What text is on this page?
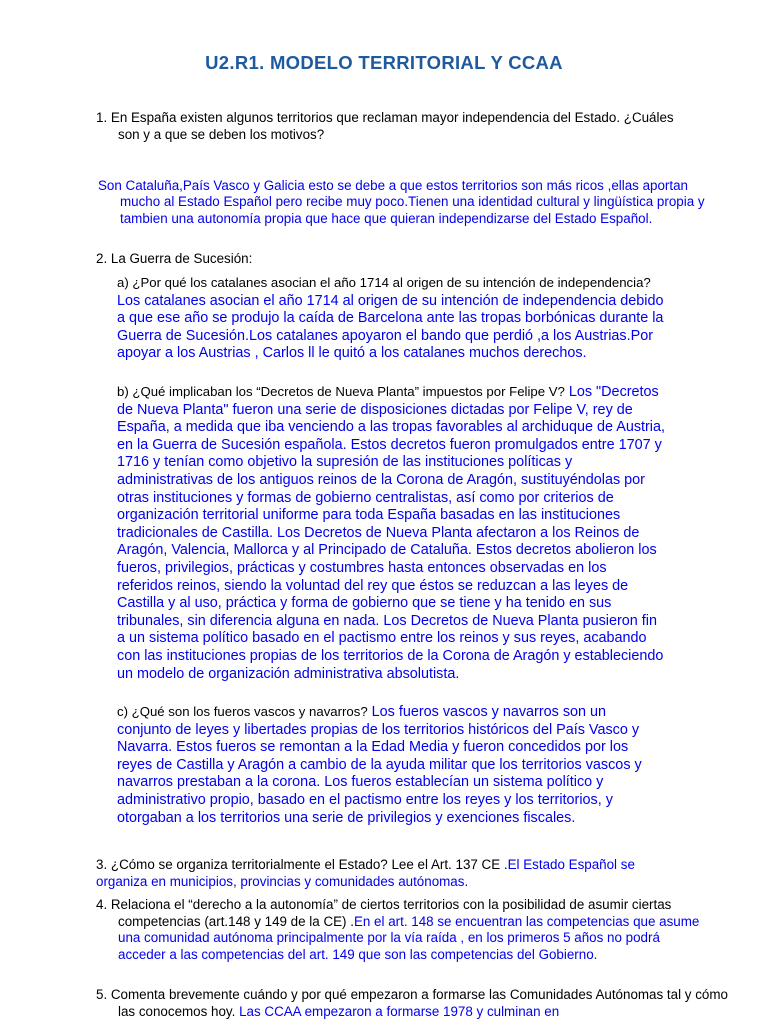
U2.R1. MODELO TERRITORIAL Y CCAA
1. En España existen algunos territorios que reclaman mayor independencia del Estado. ¿Cuáles son y a que se deben los motivos?
Son Cataluña,País Vasco y Galicia esto se debe a que estos territorios son más ricos ,ellas aportan mucho al Estado Español pero recibe muy poco.Tienen una identidad cultural y lingüística propia y tambien una autonomía propia que hace que quieran independizarse del Estado Español.
2. La Guerra de Sucesión:
a) ¿Por qué los catalanes asocian el año 1714 al origen de su intención de independencia? Los catalanes asocian el año 1714 al origen de su intención de independencia debido a que ese año se produjo la caída de Barcelona ante las tropas borbónicas durante la Guerra de Sucesión.Los catalanes apoyaron el bando que perdió ,a los Austrias.Por apoyar a los Austrias , Carlos ll le quitó a los catalanes muchos derechos.
b) ¿Qué implicaban los “Decretos de Nueva Planta” impuestos por Felipe V? Los "Decretos de Nueva Planta" fueron una serie de disposiciones dictadas por Felipe V, rey de España, a medida que iba venciendo a las tropas favorables al archiduque de Austria, en la Guerra de Sucesión española. Estos decretos fueron promulgados entre 1707 y 1716 y tenían como objetivo la supresión de las instituciones políticas y administrativas de los antiguos reinos de la Corona de Aragón, sustituyéndolas por otras instituciones y formas de gobierno centralistas, así como por criterios de organización territorial uniforme para toda España basadas en las instituciones tradicionales de Castilla. Los Decretos de Nueva Planta afectaron a los Reinos de Aragón, Valencia, Mallorca y al Principado de Cataluña. Estos decretos abolieron los fueros, privilegios, prácticas y costumbres hasta entonces observadas en los referidos reinos, siendo la voluntad del rey que éstos se reduzcan a las leyes de Castilla y al uso, práctica y forma de gobierno que se tiene y ha tenido en sus tribunales, sin diferencia alguna en nada. Los Decretos de Nueva Planta pusieron fin a un sistema político basado en el pactismo entre los reinos y sus reyes, acabando con las instituciones propias de los territorios de la Corona de Aragón y estableciendo un modelo de organización administrativa absolutista.
c) ¿Qué son los fueros vascos y navarros? Los fueros vascos y navarros son un conjunto de leyes y libertades propias de los territorios históricos del País Vasco y Navarra. Estos fueros se remontan a la Edad Media y fueron concedidos por los reyes de Castilla y Aragón a cambio de la ayuda militar que los territorios vascos y navarros prestaban a la corona. Los fueros establecían un sistema político y administrativo propio, basado en el pactismo entre los reyes y los territorios, y otorgaban a los territorios una serie de privilegios y exenciones fiscales.
3. ¿Cómo se organiza territorialmente el Estado? Lee el Art. 137 CE .El Estado Español se organiza en municipios, provincias y comunidades autónomas.
4. Relaciona el “derecho a la autonomía” de ciertos territorios con la posibilidad de asumir ciertas competencias (art.148 y 149 de la CE) .En el art. 148 se encuentran las competencias que asume una comunidad autónoma principalmente por la vía raída , en los primeros 5 años no podrá acceder a las competencias del art. 149 que son las competencias del Gobierno.
5. Comenta brevemente cuándo y por qué empezaron a formarse las Comunidades Autónomas tal y cómo las conocemos hoy. Las CCAA empezaron a formarse 1978 y culminan en
